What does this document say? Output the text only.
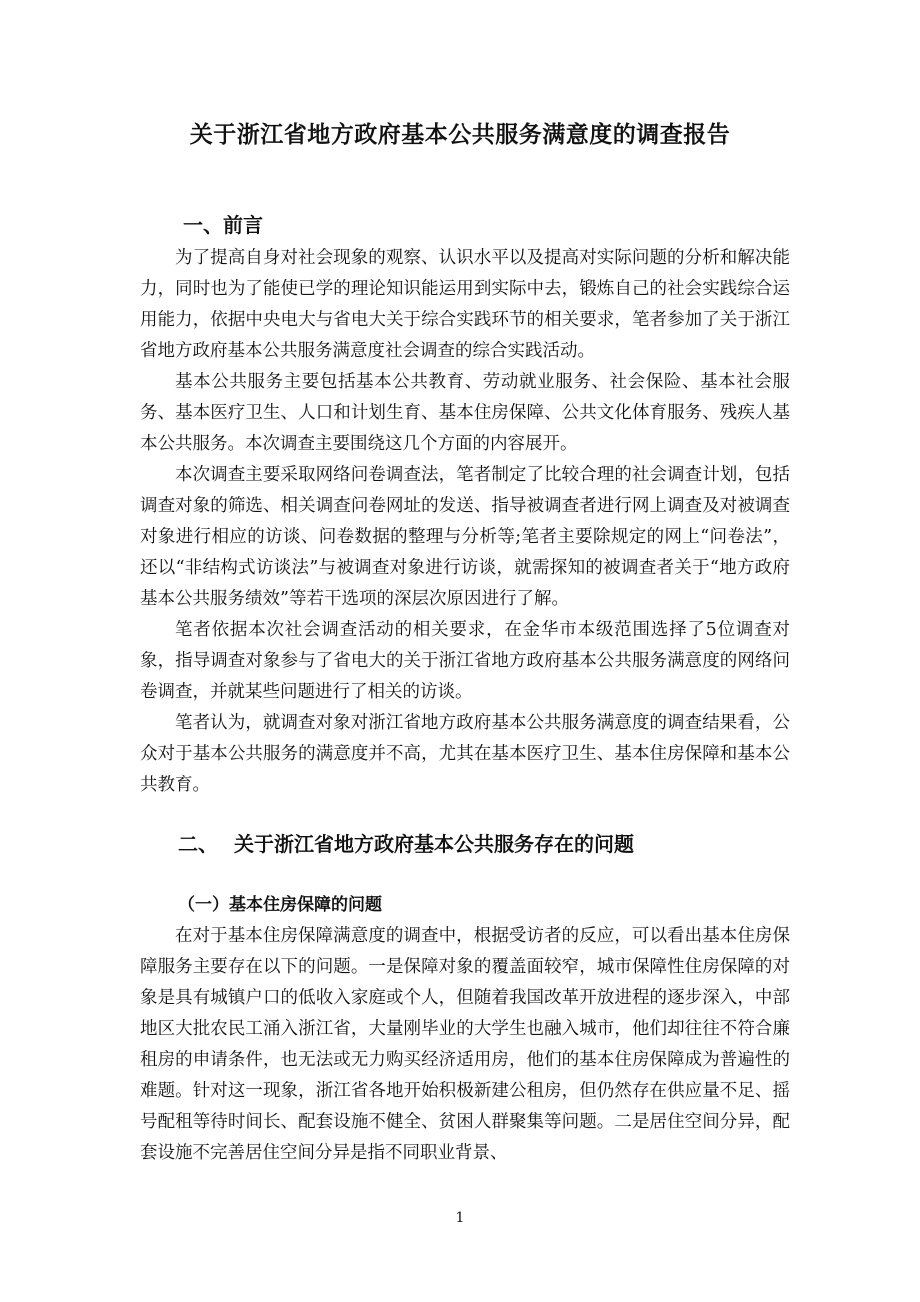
关于浙江省地方政府基本公共服务满意度的调查报告
一、前言

为了提高自身对社会现象的观察、认识水平以及提高对实际问题的分析和解决能力，同时也为了能使已学的理论知识能运用到实际中去，锻炼自己的社会实践综合运用能力，依据中央电大与省电大关于综合实践环节的相关要求，笔者参加了关于浙江省地方政府基本公共服务满意度社会调查的综合实践活动。

基本公共服务主要包括基本公共教育、劳动就业服务、社会保险、基本社会服务、基本医疗卫生、人口和计划生育、基本住房保障、公共文化体育服务、残疾人基本公共服务。本次调查主要围绕这几个方面的内容展开。

本次调查主要采取网络问卷调查法，笔者制定了比较合理的社会调查计划，包括调查对象的筛选、相关调查问卷网址的发送、指导被调查者进行网上调查及对被调查对象进行相应的访谈、问卷数据的整理与分析等;笔者主要除规定的网上“问卷法”，还以“非结构式访谈法”与被调查对象进行访谈，就需探知的被调查者关于“地方政府基本公共服务绩效”等若干选项的深层次原因进行了解。

笔者依据本次社会调查活动的相关要求，在金华市本级范围选择了5位调查对象，指导调查对象参与了省电大的关于浙江省地方政府基本公共服务满意度的网络问卷调查，并就某些问题进行了相关的访谈。

笔者认为，就调查对象对浙江省地方政府基本公共服务满意度的调查结果看，公众对于基本公共服务的满意度并不高，尤其在基本医疗卫生、基本住房保障和基本公共教育。

二、 关于浙江省地方政府基本公共服务存在的问题
（一）基本住房保障的问题

在对于基本住房保障满意度的调查中，根据受访者的反应，可以看出基本住房保障服务主要存在以下的问题。一是保障对象的覆盖面较窄，城市保障性住房保障的对象是具有城镇户口的低收入家庭或个人，但随着我国改革开放进程的逐步深入，中部地区大批农民工涌入浙江省，大量刚毕业的大学生也融入城市，他们却往往不符合廉租房的申请条件，也无法或无力购买经济适用房，他们的基本住房保障成为普遍性的难题。针对这一现象，浙江省各地开始积极新建公租房，但仍然存在供应量不足、摇号配租等待时间长、配套设施不健全、贫困人群聚集等问题。二是居住空间分异，配套设施不完善居住空间分异是指不同职业背景、

1
